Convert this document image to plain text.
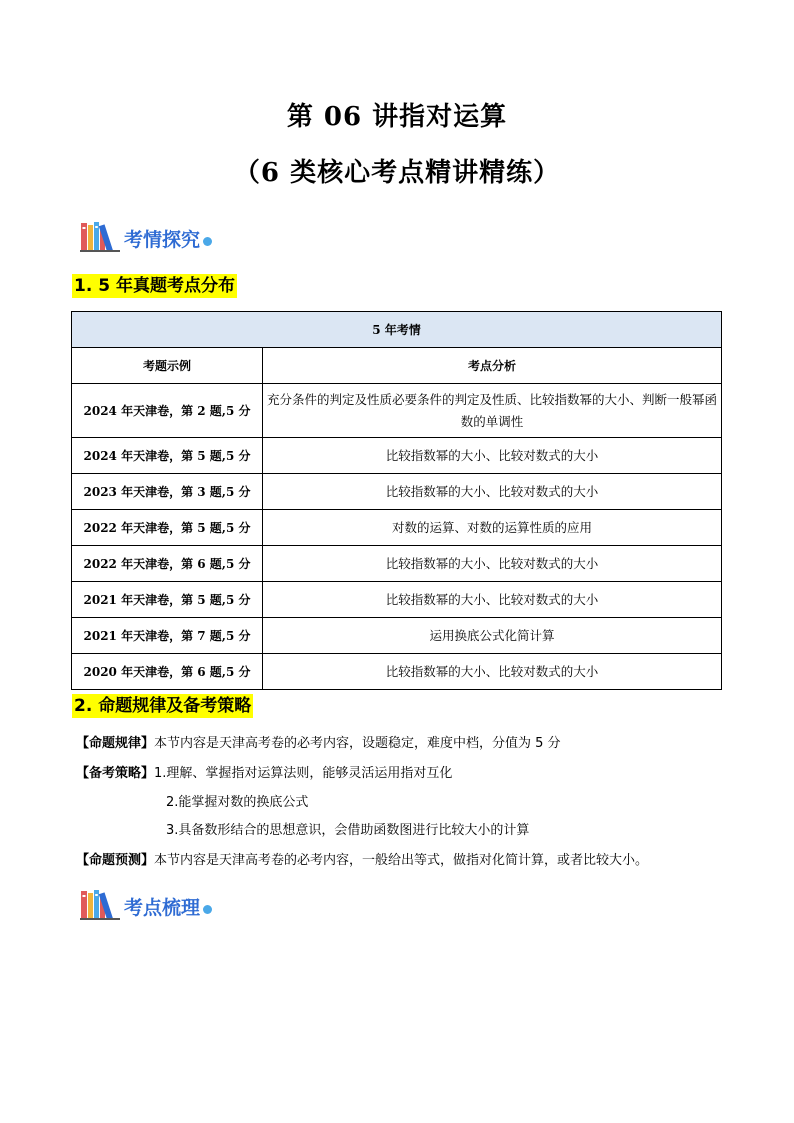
第 06 讲指对运算
（6 类核心考点精讲精练）
考情探究
1. 5 年真题考点分布
5 年考情	
考题示例	考点分析
2024 年天津卷，第 2 题,5 分	充分条件的判定及性质必要条件的判定及性质、比较指数幂的大小、判断一般幂函数的单调性
2024 年天津卷，第 5 题,5 分	比较指数幂的大小、比较对数式的大小
2023 年天津卷，第 3 题,5 分	比较指数幂的大小、比较对数式的大小
2022 年天津卷，第 5 题,5 分	对数的运算、对数的运算性质的应用
2022 年天津卷，第 6 题,5 分	比较指数幂的大小、比较对数式的大小
2021 年天津卷，第 5 题,5 分	比较指数幂的大小、比较对数式的大小
2021 年天津卷，第 7 题,5 分	运用换底公式化简计算
2020 年天津卷，第 6 题,5 分	比较指数幂的大小、比较对数式的大小
2. 命题规律及备考策略
【命题规律】本节内容是天津高考卷的必考内容，设题稳定，难度中档，分值为 5 分
【备考策略】1.理解、掌握指对运算法则，能够灵活运用指对互化
2.能掌握对数的换底公式
3.具备数形结合的思想意识，会借助函数图进行比较大小的计算
【命题预测】本节内容是天津高考卷的必考内容，一般给出等式，做指对化简计算，或者比较大小。
考点梳理
